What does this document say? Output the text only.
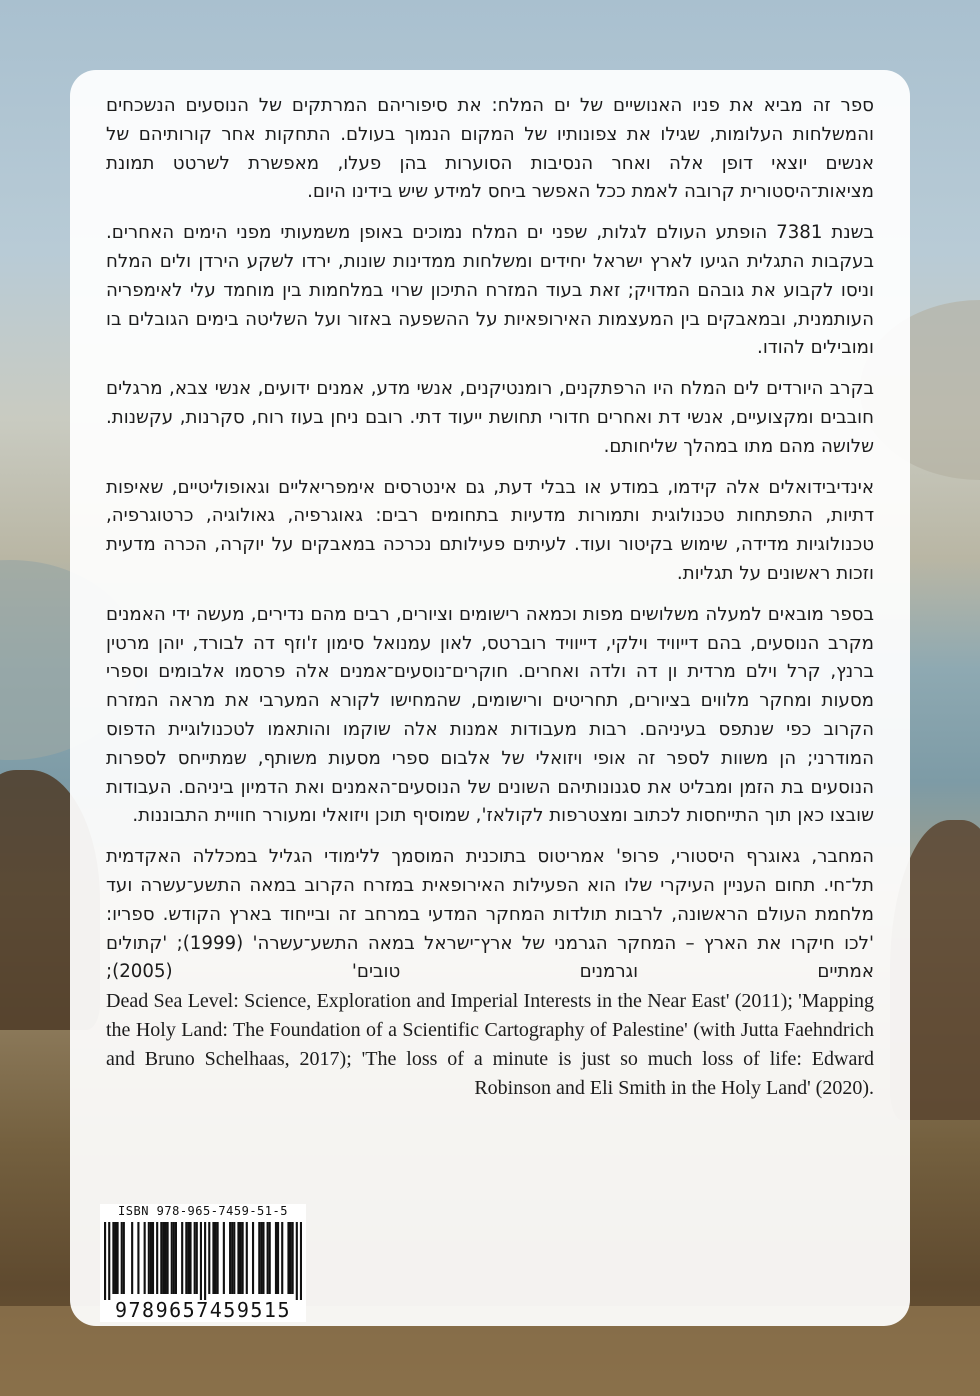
ספר זה מביא את פניו האנושיים של ים המלח: את סיפוריהם המרתקים של הנוסעים הנשכחים והמשלחות העלומות, שגילו את צפונותיו של המקום הנמוך בעולם. התחקות אחר קורותיהם של אנשים יוצאי דופן אלה ואחר הנסיבות הסוערות בהן פעלו, מאפשרת לשרטט תמונת מציאות־היסטורית קרובה לאמת ככל האפשר ביחס למידע שיש בידינו היום.

בשנת 7381 הופתע העולם לגלות, שפני ים המלח נמוכים באופן משמעותי מפני הימים האחרים. בעקבות התגלית הגיעו לארץ ישראל יחידים ומשלחות ממדינות שונות, ירדו לשקע הירדן ולים המלח וניסו לקבוע את גובהם המדויק; זאת בעוד המזרח התיכון שרוי במלחמות בין מוחמד עלי לאימפריה העותמנית, ובמאבקים בין המעצמות האירופאיות על ההשפעה באזור ועל השליטה בימים הגובלים בו ומובילים להודו.

בקרב היורדים לים המלח היו הרפתקנים, רומנטיקנים, אנשי מדע, אמנים ידועים, אנשי צבא, מרגלים חובבים ומקצועיים, אנשי דת ואחרים חדורי תחושת ייעוד דתי. רובם ניחן בעוז רוח, סקרנות, עקשנות. שלושה מהם מתו במהלך שליחותם.

אינדיבידואלים אלה קידמו, במודע או בבלי דעת, גם אינטרסים אימפריאליים וגאופוליטיים, שאיפות דתיות, התפתחות טכנולוגית ותמורות מדעיות בתחומים רבים: גאוגרפיה, גאולוגיה, כרטוגרפיה, טכנולוגיות מדידה, שימוש בקיטור ועוד. לעיתים פעילותם נכרכה במאבקים על יוקרה, הכרה מדעית וזכות ראשונים על תגליות.

בספר מובאים למעלה משלושים מפות וכמאה רישומים וציורים, רבים מהם נדירים, מעשה ידי האמנים מקרב הנוסעים, בהם דייוויד וילקי, דייוויד רוברטס, לאון עמנואל סימון ז'וזף דה לבורד, יוהן מרטין ברנץ, קרל וילם מרדית ון דה ולדה ואחרים. חוקרים־נוסעים־אמנים אלה פרסמו אלבומים וספרי מסעות ומחקר מלווים בציורים, תחריטים ורישומים, שהמחישו לקורא המערבי את מראה המזרח הקרוב כפי שנתפס בעיניהם. רבות מעבודות אמנות אלה שוקמו והותאמו לטכנולוגיית הדפוס המודרני; הן משוות לספר זה אופי ויזואלי של אלבום ספרי מסעות משותף, שמתייחס לספרות הנוסעים בת הזמן ומבליט את סגנונותיהם השונים של הנוסעים־האמנים ואת הדמיון ביניהם. העבודות שובצו כאן תוך התייחסות לכתוב ומצטרפות לקולאז', שמוסיף תוכן ויזואלי ומעורר חוויית התבוננות.

המחבר, גאוגרף היסטורי, פרופ' אמריטוס בתוכנית המוסמך ללימודי הגליל במכללה האקדמית תל־חי. תחום העניין העיקרי שלו הוא הפעילות האירופאית במזרח הקרוב במאה התשע־עשרה ועד מלחמת העולם הראשונה, לרבות תולדות המחקר המדעי במרחב זה ובייחוד בארץ הקודש. ספריו: 'לכו חיקרו את הארץ – המחקר הגרמני של ארץ־ישראל במאה התשע־עשרה' (1999); 'קתולים אמתיים וגרמנים טובים' (2005);
Dead Sea Level: Science, Exploration and Imperial Interests in the Near East' (2011); 'Mapping the Holy Land: The Foundation of a Scientific Cartography of Palestine' (with Jutta Faehndrich and Bruno Schelhaas, 2017); 'The loss of a minute is just so much loss of life: Edward Robinson and Eli Smith in the Holy Land' (2020).

ISBN 978-965-7459-51-5
9789657459515
